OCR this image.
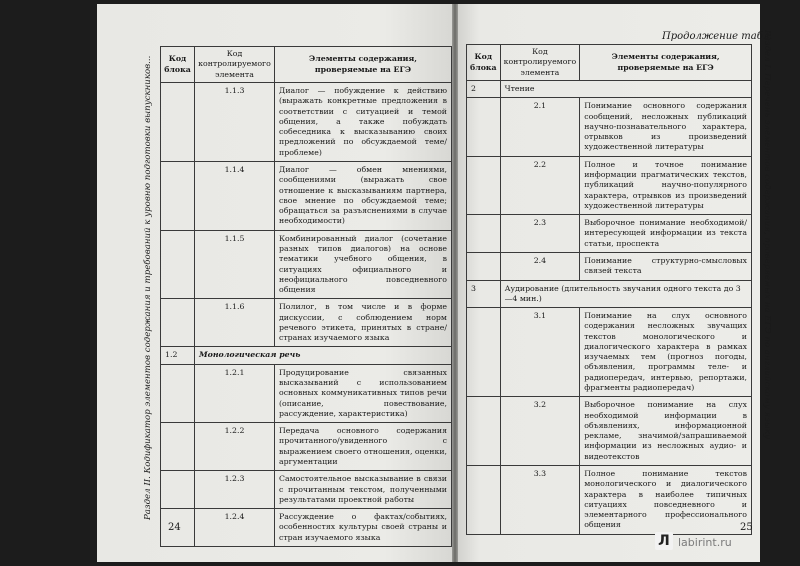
Раздел II. Кодификатор элементов содержания и требований к уровню подготовки выпускников...	Раздел I. Перечень элементов содержания, проверяемых на ЕГЭ по английскому языку
Продолжение табл.
Код блока	Код контролируемого элемента	Элементы содержания, проверяемые на ЕГЭ
	1.1.3	Диалог — побуждение к действию (выражать конкретные предложения в соответствии с ситуацией и темой общения, а также побуждать собеседника к высказыванию своих предложений по обсуждаемой теме/проблеме)
	1.1.4	Диалог — обмен мнениями, сообщениями (выражать свое отношение к высказываниям партнера, свое мнение по обсуждаемой теме; обращаться за разъяснениями в случае необходимости)
	1.1.5	Комбинированный диалог (сочетание разных типов диалогов) на основе тематики учебного общения, в ситуациях официального и неофициального повседневного общения
	1.1.6	Полилог, в том числе и в форме дискуссии, с соблюдением норм речевого этикета, принятых в стране/странах изучаемого языка
1.2	Монологическая речь	
	1.2.1	Продуцирование связанных высказываний с использованием основных коммуникативных типов речи (описание, повествование, рассуждение, характеристика)
	1.2.2	Передача основного содержания прочитанного/увиденного с выражением своего отношения, оценки, аргументации
	1.2.3	Самостоятельное высказывание в связи с прочитанным текстом, полученными результатами проектной работы
	1.2.4	Рассуждение о фактах/событиях, особенностях культуры своей страны и стран изучаемого языка
Код блока	Код контролируемого элемента	Элементы содержания, проверяемые на ЕГЭ
2	Чтение	
	2.1	Понимание основного содержания сообщений, несложных публикаций научно-познавательного характера, отрывков из произведений художественной литературы
	2.2	Полное и точное понимание информации прагматических текстов, публикаций научно-популярного характера, отрывков из произведений художественной литературы
	2.3	Выборочное понимание необходимой/интересующей информации из текста статьи, проспекта
	2.4	Понимание структурно-смысловых связей текста
3	Аудирование (длительность звучания одного текста до 3—4 мин.)	
	3.1	Понимание на слух основного содержания несложных звучащих текстов монологического и диалогического характера в рамках изучаемых тем (прогноз погоды, объявления, программы теле- и радиопередач, интервью, репортажи, фрагменты радиопередач)
	3.2	Выборочное понимание на слух необходимой информации в объявлениях, информационной рекламе, значимой/запрашиваемой информации из несложных аудио- и видеотекстов
	3.3	Полное понимание текстов монологического и диалогического характера в наиболее типичных ситуациях повседневного и элементарного профессионального общения
24	25
Л labirint.ru
